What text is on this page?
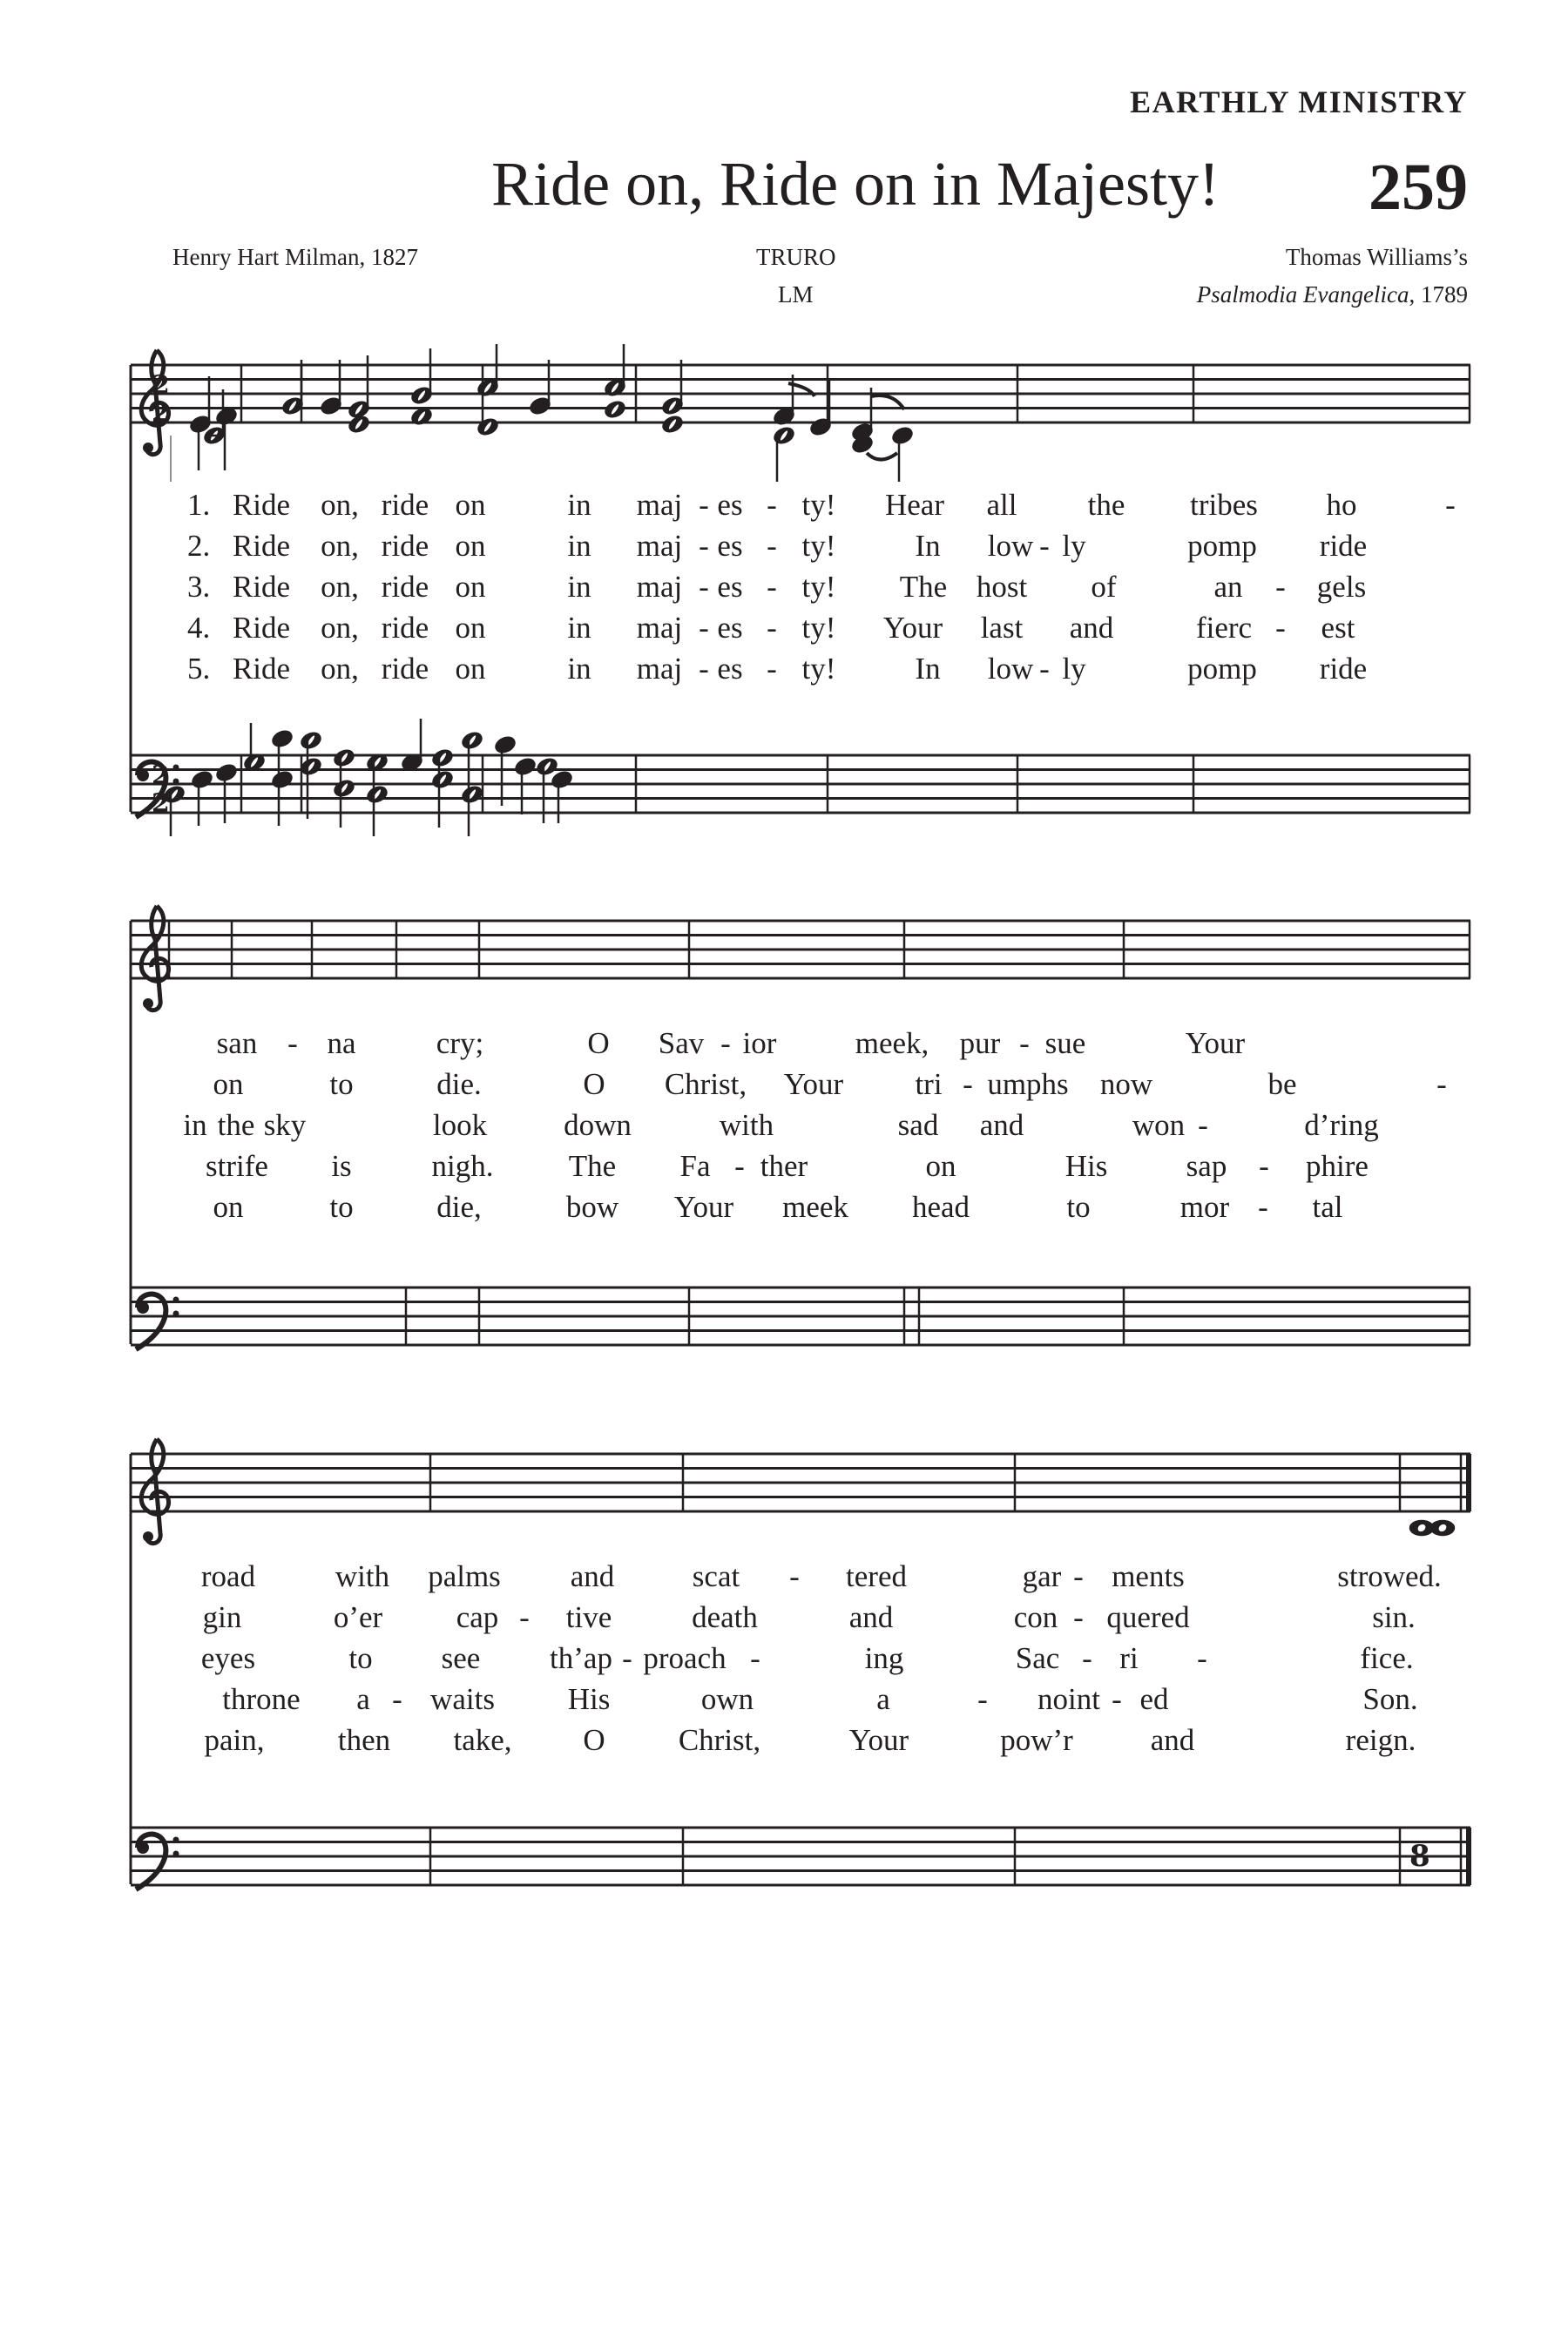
EARTHLY MINISTRY
Ride on, Ride on in Majesty! 259
Henry Hart Milman, 1827	TRURO
LM
Thomas Williams’s
Psalmodia Evangelica, 1789
2
2
2
2
8
1. Ride on, ride on	in maj - es - ty! Hear all the tribes ho	-
2. Ride on, ride on	in maj - es - ty!	In low - ly	pomp ride
3. Ride on, ride on	in maj - es - ty! The host of	an - gels
4. Ride on, ride on	in maj - es - ty! Your last and	fierc - est
5. Ride on, ride on	in maj - es - ty!	In low - ly	pomp ride
san - na	cry;	O Sav - ior	meek, pur - sue	Your
on	to	die.	O Christ, Your tri - umphs now	be	-
in the sky	look	down	with	sad and	won -	d’ring
strife is	nigh. The Fa - ther	on	His	sap - phire
on	to	die,	bow Your meek head	to	mor - tal
road	with palms and	scat - tered	gar - ments	strowed.
gin	o’er cap - tive	death	and	con - quered	sin.
eyes	to see th’ap - proach -	ing	Sac - ri -	fice.
throne a - waits His	own	a	- noint - ed	Son.
pain, then take, O Christ,	Your	pow’r	and	reign.
